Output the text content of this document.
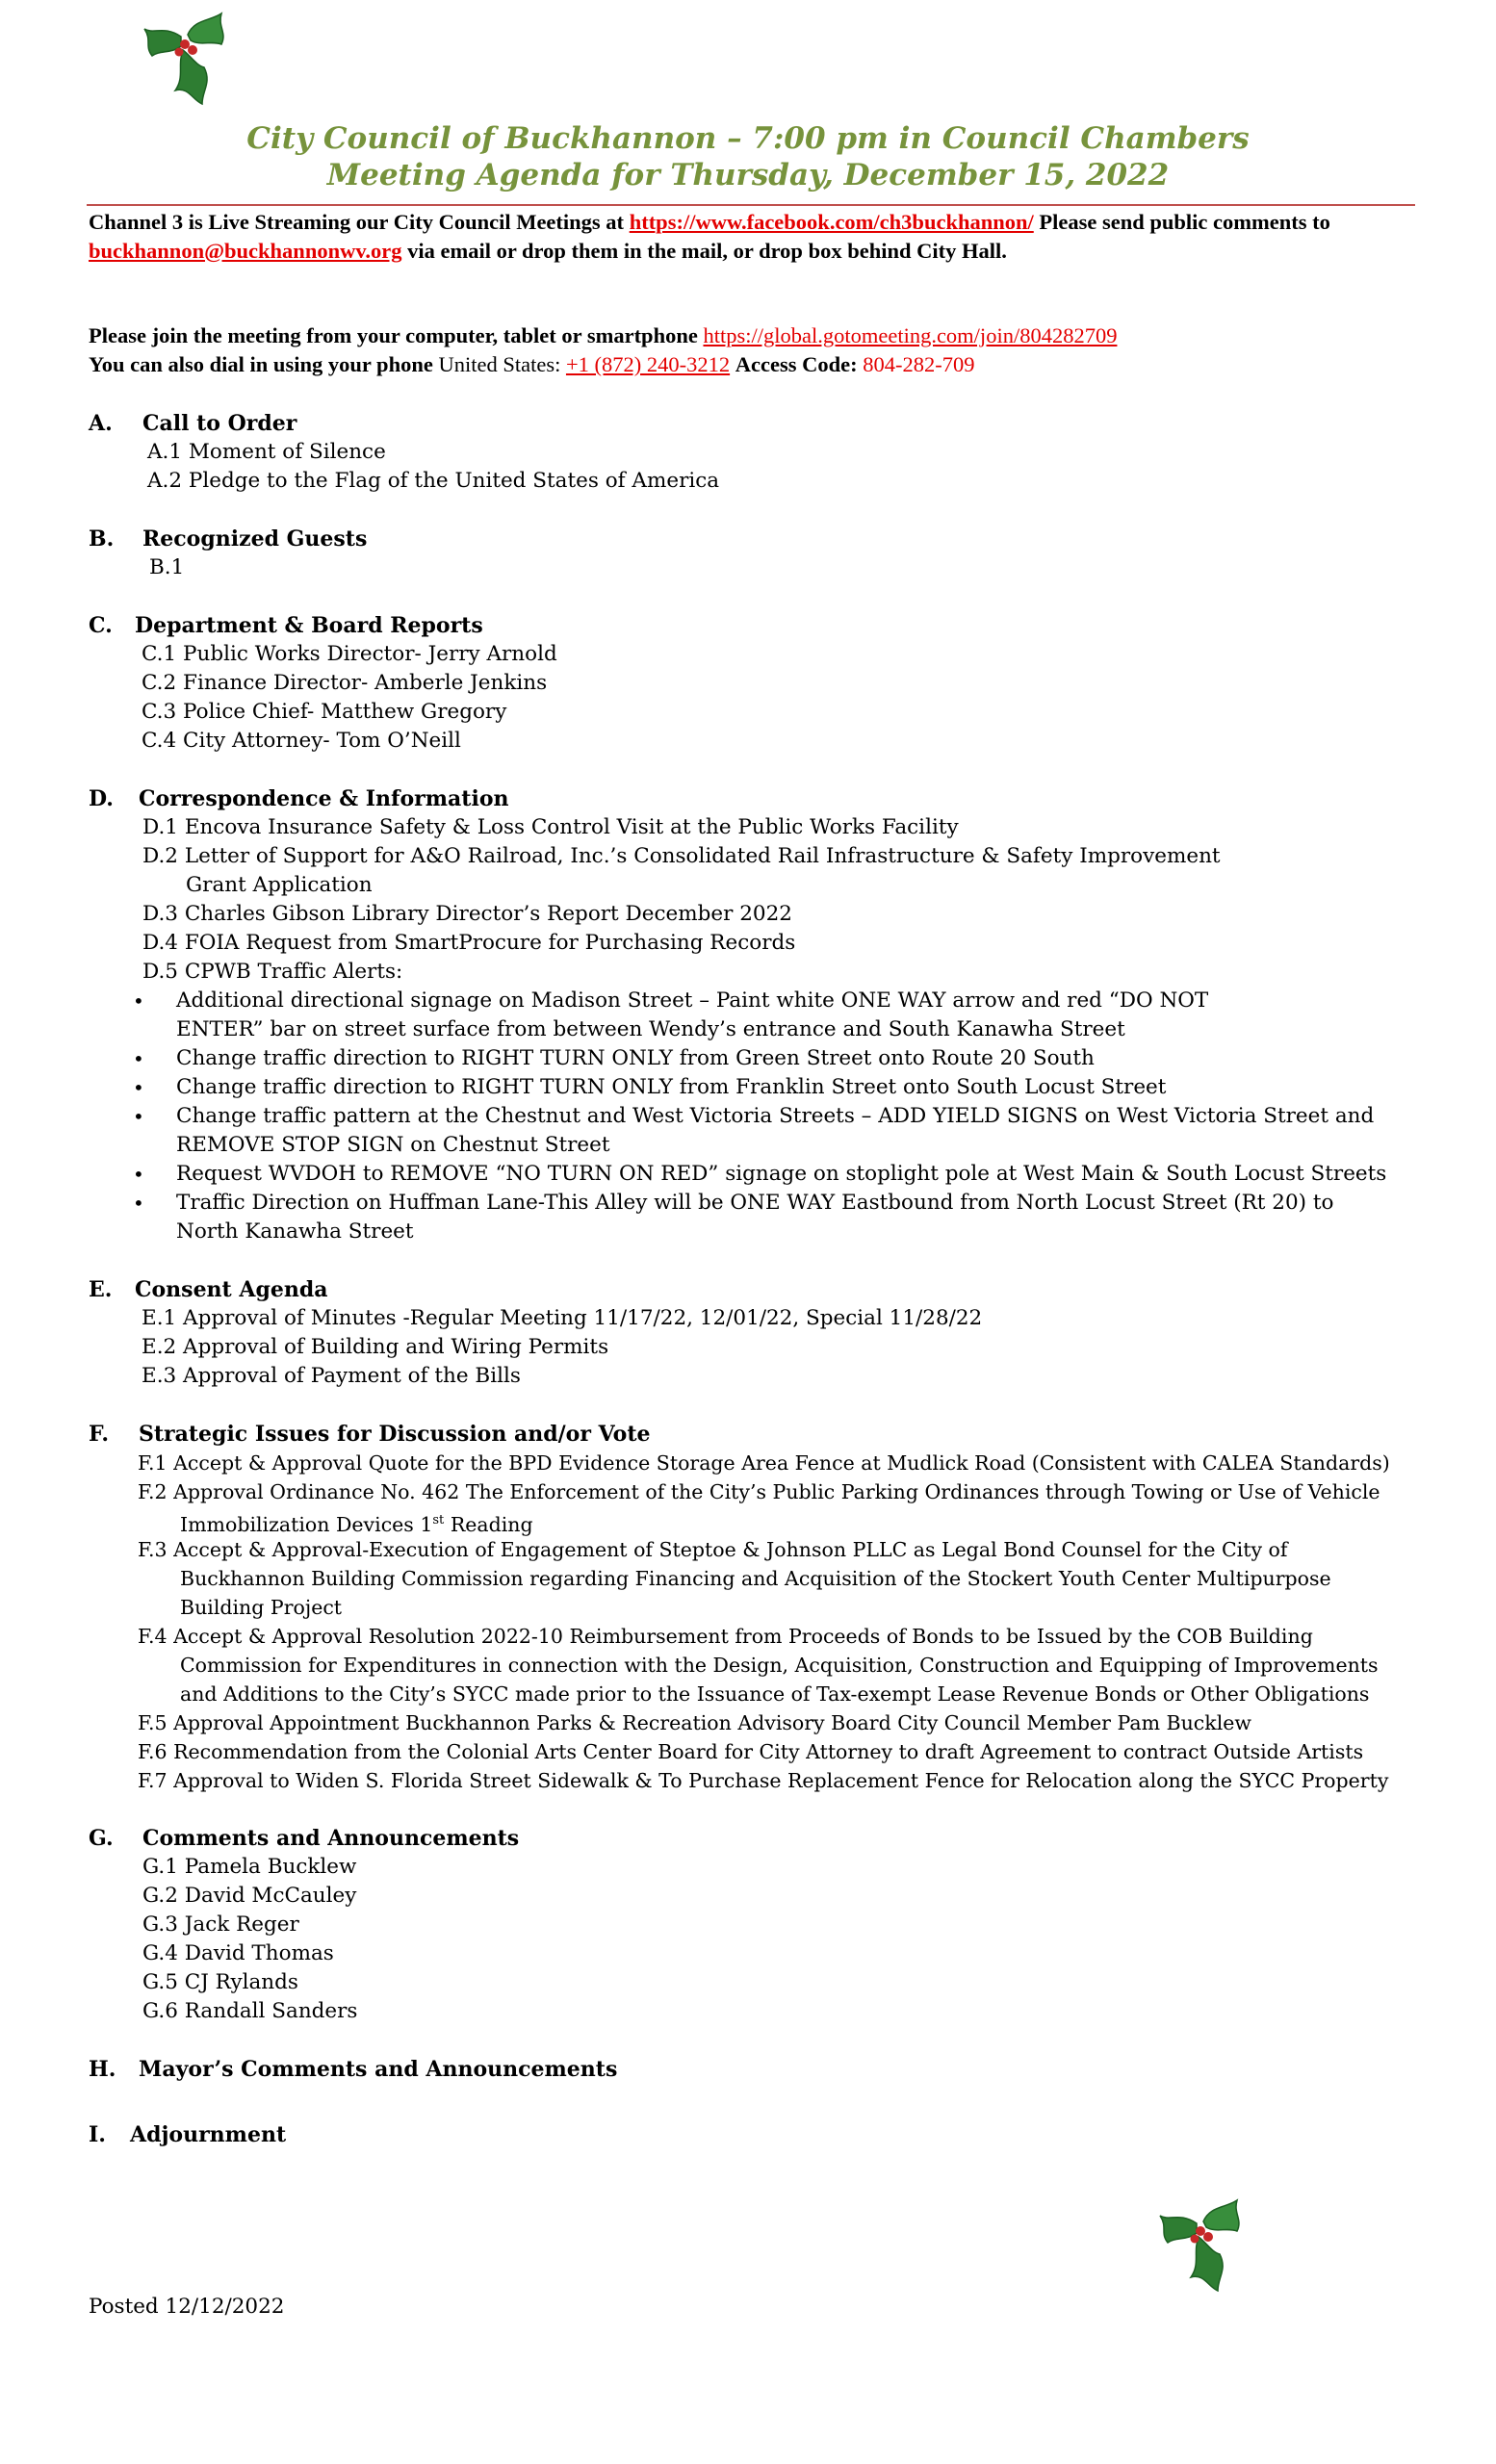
City Council of Buckhannon – 7:00 pm in Council Chambers
Meeting Agenda for Thursday, December 15, 2022
Channel 3 is Live Streaming our City Council Meetings at https://www.facebook.com/ch3buckhannon/ Please send public comments to buckhannon@buckhannonwv.org via email or drop them in the mail, or drop box behind City Hall.
Please join the meeting from your computer, tablet or smartphone https://global.gotomeeting.com/join/804282709
You can also dial in using your phone United States: +1 (872) 240-3212 Access Code: 804-282-709
A. Call to Order
A.1 Moment of Silence
A.2 Pledge to the Flag of the United States of America
B. Recognized Guests
B.1
C. Department & Board Reports
C.1 Public Works Director- Jerry Arnold
C.2 Finance Director- Amberle Jenkins
C.3 Police Chief- Matthew Gregory
C.4 City Attorney- Tom O’Neill
D. Correspondence & Information
D.1 Encova Insurance Safety & Loss Control Visit at the Public Works Facility
D.2 Letter of Support for A&O Railroad, Inc.’s Consolidated Rail Infrastructure & Safety Improvement
Grant Application
D.3 Charles Gibson Library Director’s Report December 2022
D.4 FOIA Request from SmartProcure for Purchasing Records
D.5 CPWB Traffic Alerts:
• Additional directional signage on Madison Street – Paint white ONE WAY arrow and red “DO NOT
ENTER” bar on street surface from between Wendy’s entrance and South Kanawha Street
• Change traffic direction to RIGHT TURN ONLY from Green Street onto Route 20 South
• Change traffic direction to RIGHT TURN ONLY from Franklin Street onto South Locust Street
• Change traffic pattern at the Chestnut and West Victoria Streets – ADD YIELD SIGNS on West Victoria Street and
REMOVE STOP SIGN on Chestnut Street
• Request WVDOH to REMOVE “NO TURN ON RED” signage on stoplight pole at West Main & South Locust Streets
• Traffic Direction on Huffman Lane-This Alley will be ONE WAY Eastbound from North Locust Street (Rt 20) to
North Kanawha Street
E. Consent Agenda
E.1 Approval of Minutes -Regular Meeting 11/17/22, 12/01/22, Special 11/28/22
E.2 Approval of Building and Wiring Permits
E.3 Approval of Payment of the Bills
F. Strategic Issues for Discussion and/or Vote
F.1 Accept & Approval Quote for the BPD Evidence Storage Area Fence at Mudlick Road (Consistent with CALEA Standards)
F.2 Approval Ordinance No. 462 The Enforcement of the City’s Public Parking Ordinances through Towing or Use of Vehicle
Immobilization Devices 1st Reading
F.3 Accept & Approval-Execution of Engagement of Steptoe & Johnson PLLC as Legal Bond Counsel for the City of
Buckhannon Building Commission regarding Financing and Acquisition of the Stockert Youth Center Multipurpose
Building Project
F.4 Accept & Approval Resolution 2022-10 Reimbursement from Proceeds of Bonds to be Issued by the COB Building
Commission for Expenditures in connection with the Design, Acquisition, Construction and Equipping of Improvements
and Additions to the City’s SYCC made prior to the Issuance of Tax-exempt Lease Revenue Bonds or Other Obligations
F.5 Approval Appointment Buckhannon Parks & Recreation Advisory Board City Council Member Pam Bucklew
F.6 Recommendation from the Colonial Arts Center Board for City Attorney to draft Agreement to contract Outside Artists
F.7 Approval to Widen S. Florida Street Sidewalk & To Purchase Replacement Fence for Relocation along the SYCC Property
G. Comments and Announcements
G.1 Pamela Bucklew
G.2 David McCauley
G.3 Jack Reger
G.4 David Thomas
G.5 CJ Rylands
G.6 Randall Sanders
H. Mayor’s Comments and Announcements
I. Adjournment
Posted 12/12/2022
